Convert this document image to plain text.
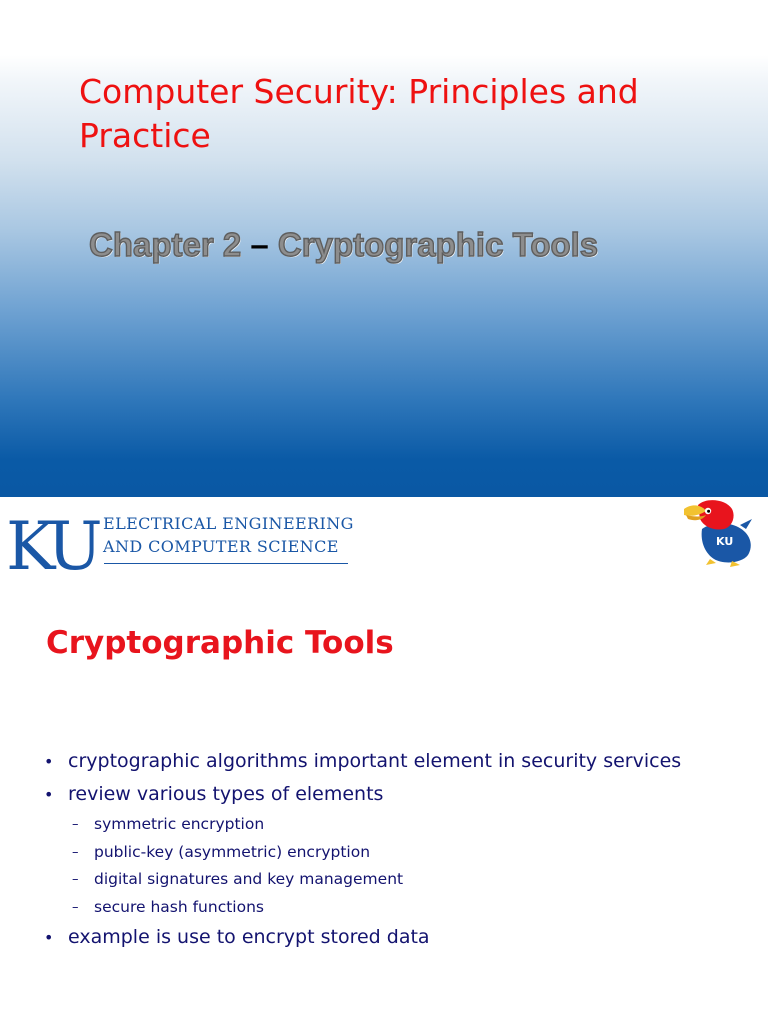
Computer Security: Principles and Practice
Chapter 2 – Cryptographic Tools
KU ELECTRICAL ENGINEERING
AND COMPUTER SCIENCE	KU
Cryptographic Tools
• cryptographic algorithms important element in security services
• review various types of elements
– symmetric encryption
– public-key (asymmetric) encryption
– digital signatures and key management
– secure hash functions
• example is use to encrypt stored data
